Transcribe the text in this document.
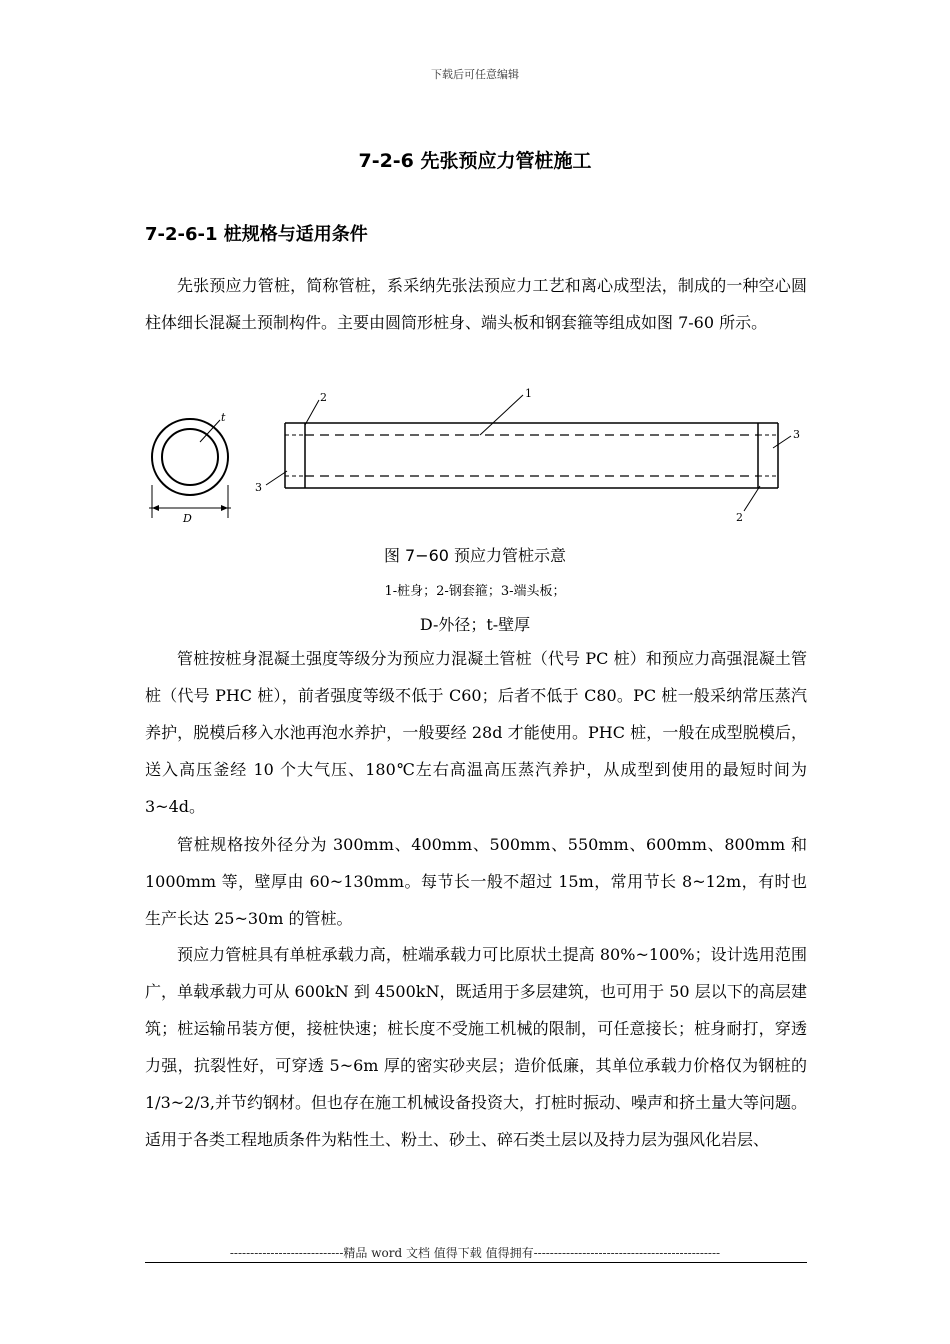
下载后可任意编辑
7-2-6 先张预应力管桩施工
7-2-6-1 桩规格与适用条件

先张预应力管桩，简称管桩，系采纳先张法预应力工艺和离心成型法，制成的一种空心圆柱体细长混凝土预制构件。主要由圆筒形桩身、端头板和钢套箍等组成如图 7-60 所示。

t
D
1
2
3
3
2
图 7−60 预应力管桩示意
1-桩身；2-钢套箍；3-端头板；
D-外径；t-壁厚

管桩按桩身混凝土强度等级分为预应力混凝土管桩（代号 PC 桩）和预应力高强混凝土管桩（代号 PHC 桩），前者强度等级不低于 C60；后者不低于 C80。PC 桩一般采纳常压蒸汽养护，脱模后移入水池再泡水养护，一般要经 28d 才能使用。PHC 桩，一般在成型脱模后，送入高压釜经 10 个大气压、180℃左右高温高压蒸汽养护，从成型到使用的最短时间为 3~4d。

管桩规格按外径分为 300mm、400mm、500mm、550mm、600mm、800mm 和 1000mm 等，壁厚由 60~130mm。每节长一般不超过 15m，常用节长 8~12m，有时也生产长达 25~30m 的管桩。

预应力管桩具有单桩承载力高，桩端承载力可比原状土提高 80%~100%；设计选用范围广，单载承载力可从 600kN 到 4500kN，既适用于多层建筑，也可用于 50 层以下的高层建筑；桩运输吊装方便，接桩快速；桩长度不受施工机械的限制，可任意接长；桩身耐打，穿透力强，抗裂性好，可穿透 5~6m 厚的密实砂夹层；造价低廉，其单位承载力价格仅为钢桩的 1/3~2/3,并节约钢材。但也存在施工机械设备投资大，打桩时振动、噪声和挤土量大等问题。适用于各类工程地质条件为粘性土、粉土、砂土、碎石类土层以及持力层为强风化岩层、

----------------------------精品 word 文档 值得下载 值得拥有----------------------------------------------
